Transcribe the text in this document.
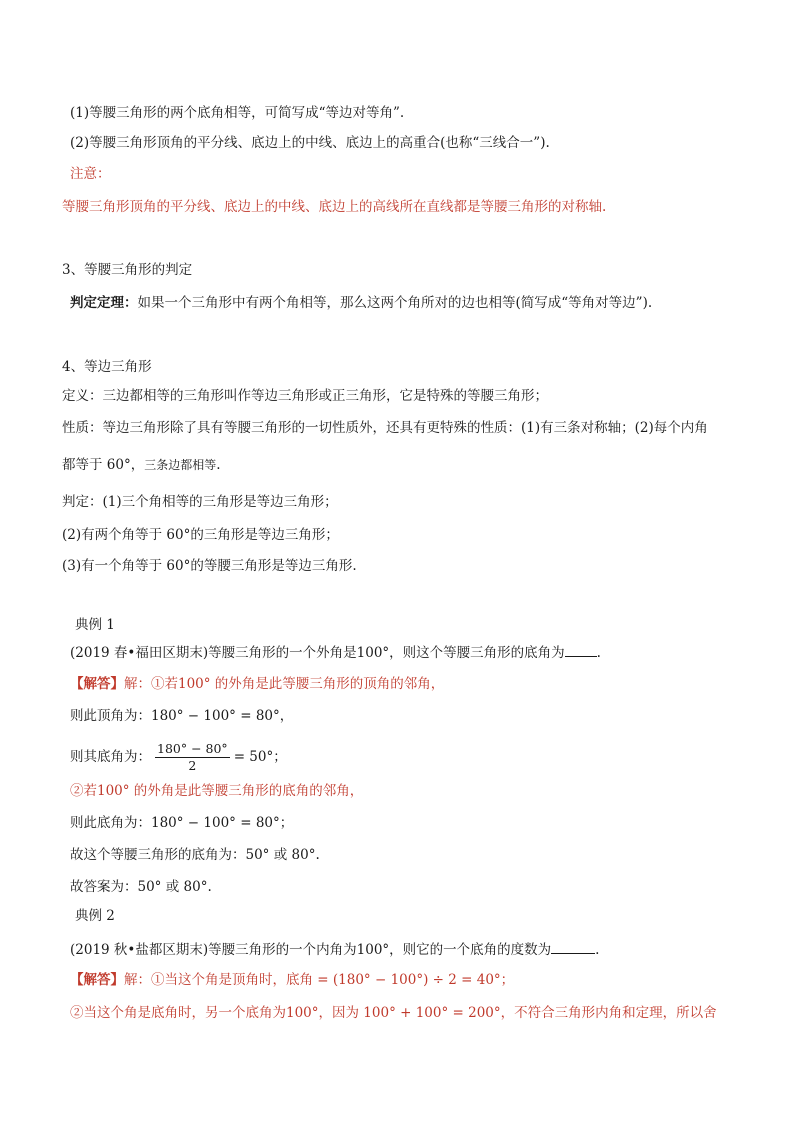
(1)等腰三角形的两个底角相等，可简写成“等边对等角”.
(2)等腰三角形顶角的平分线、底边上的中线、底边上的高重合(也称“三线合一”).
注意：
等腰三角形顶角的平分线、底边上的中线、底边上的高线所在直线都是等腰三角形的对称轴.
3、等腰三角形的判定
判定定理：如果一个三角形中有两个角相等，那么这两个角所对的边也相等(简写成“等角对等边”).
4、等边三角形
定义：三边都相等的三角形叫作等边三角形或正三角形，它是特殊的等腰三角形；
性质：等边三角形除了具有等腰三角形的一切性质外，还具有更特殊的性质：(1)有三条对称轴；(2)每个内角
都等于 60°，三条边都相等.
判定：(1)三个角相等的三角形是等边三角形；
(2)有两个角等于 60°的三角形是等边三角形；
(3)有一个角等于 60°的等腰三角形是等边三角形.
典例 1
(2019 春•福田区期末)等腰三角形的一个外角是100°，则这个等腰三角形的底角为 .
【解答】解：①若100° 的外角是此等腰三角形的顶角的邻角，
则此顶角为：180° − 100° = 80°，
则其底角为： $\frac{180^\circ - 80^\circ}{2} = 50^\circ$；
②若100° 的外角是此等腰三角形的底角的邻角，
则此底角为：180° − 100° = 80°；
故这个等腰三角形的底角为：50° 或 80°.
故答案为：50° 或 80°.
典例 2
(2019 秋•盐都区期末)等腰三角形的一个内角为100°，则它的一个底角的度数为	.
【解答】解：①当这个角是顶角时，底角 = (180° − 100°) ÷ 2 = 40°；
②当这个角是底角时，另一个底角为100°，因为 100° + 100° = 200°，不符合三角形内角和定理，所以舍
